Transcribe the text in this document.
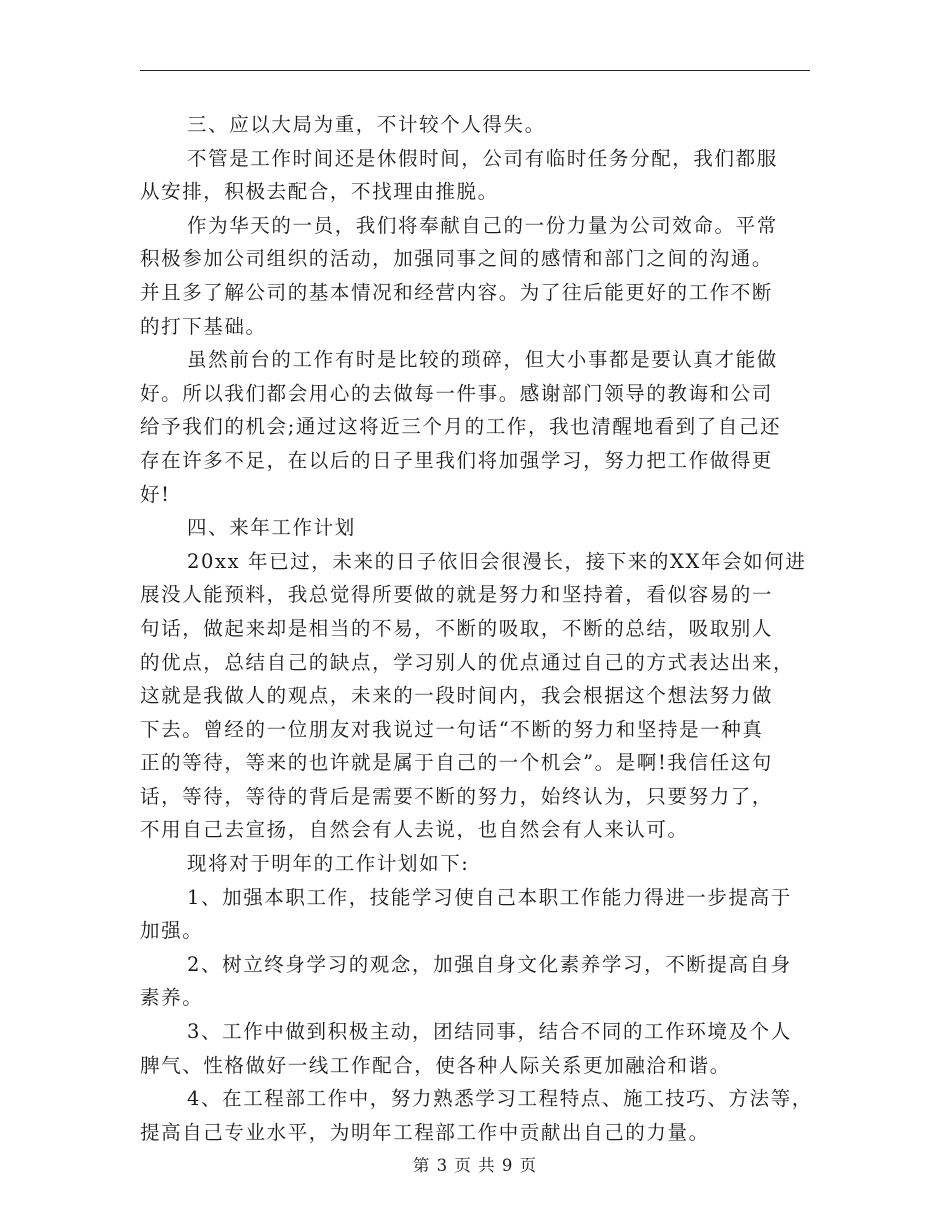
三、应以大局为重，不计较个人得失。
不管是工作时间还是休假时间，公司有临时任务分配，我们都服
从安排，积极去配合，不找理由推脱。
作为华天的一员，我们将奉献自己的一份力量为公司效命。平常
积极参加公司组织的活动，加强同事之间的感情和部门之间的沟通。
并且多了解公司的基本情况和经营内容。为了往后能更好的工作不断
的打下基础。
虽然前台的工作有时是比较的琐碎，但大小事都是要认真才能做
好。所以我们都会用心的去做每一件事。感谢部门领导的教诲和公司
给予我们的机会;通过这将近三个月的工作，我也清醒地看到了自己还
存在许多不足，在以后的日子里我们将加强学习，努力把工作做得更
好!
四、来年工作计划
20xx 年已过，未来的日子依旧会很漫长，接下来的XX年会如何进
展没人能预料，我总觉得所要做的就是努力和坚持着，看似容易的一
句话，做起来却是相当的不易，不断的吸取，不断的总结，吸取别人
的优点，总结自己的缺点，学习别人的优点通过自己的方式表达出来，
这就是我做人的观点，未来的一段时间内，我会根据这个想法努力做
下去。曾经的一位朋友对我说过一句话“不断的努力和坚持是一种真
正的等待，等来的也许就是属于自己的一个机会”。是啊!我信任这句
话，等待，等待的背后是需要不断的努力，始终认为，只要努力了，
不用自己去宣扬，自然会有人去说，也自然会有人来认可。
现将对于明年的工作计划如下:
1、加强本职工作，技能学习使自己本职工作能力得进一步提高于
加强。
2、树立终身学习的观念，加强自身文化素养学习，不断提高自身
素养。
3、工作中做到积极主动，团结同事，结合不同的工作环境及个人
脾气、性格做好一线工作配合，使各种人际关系更加融洽和谐。
4、在工程部工作中，努力熟悉学习工程特点、施工技巧、方法等，
提高自己专业水平，为明年工程部工作中贡献出自己的力量。
第 3 页 共 9 页
